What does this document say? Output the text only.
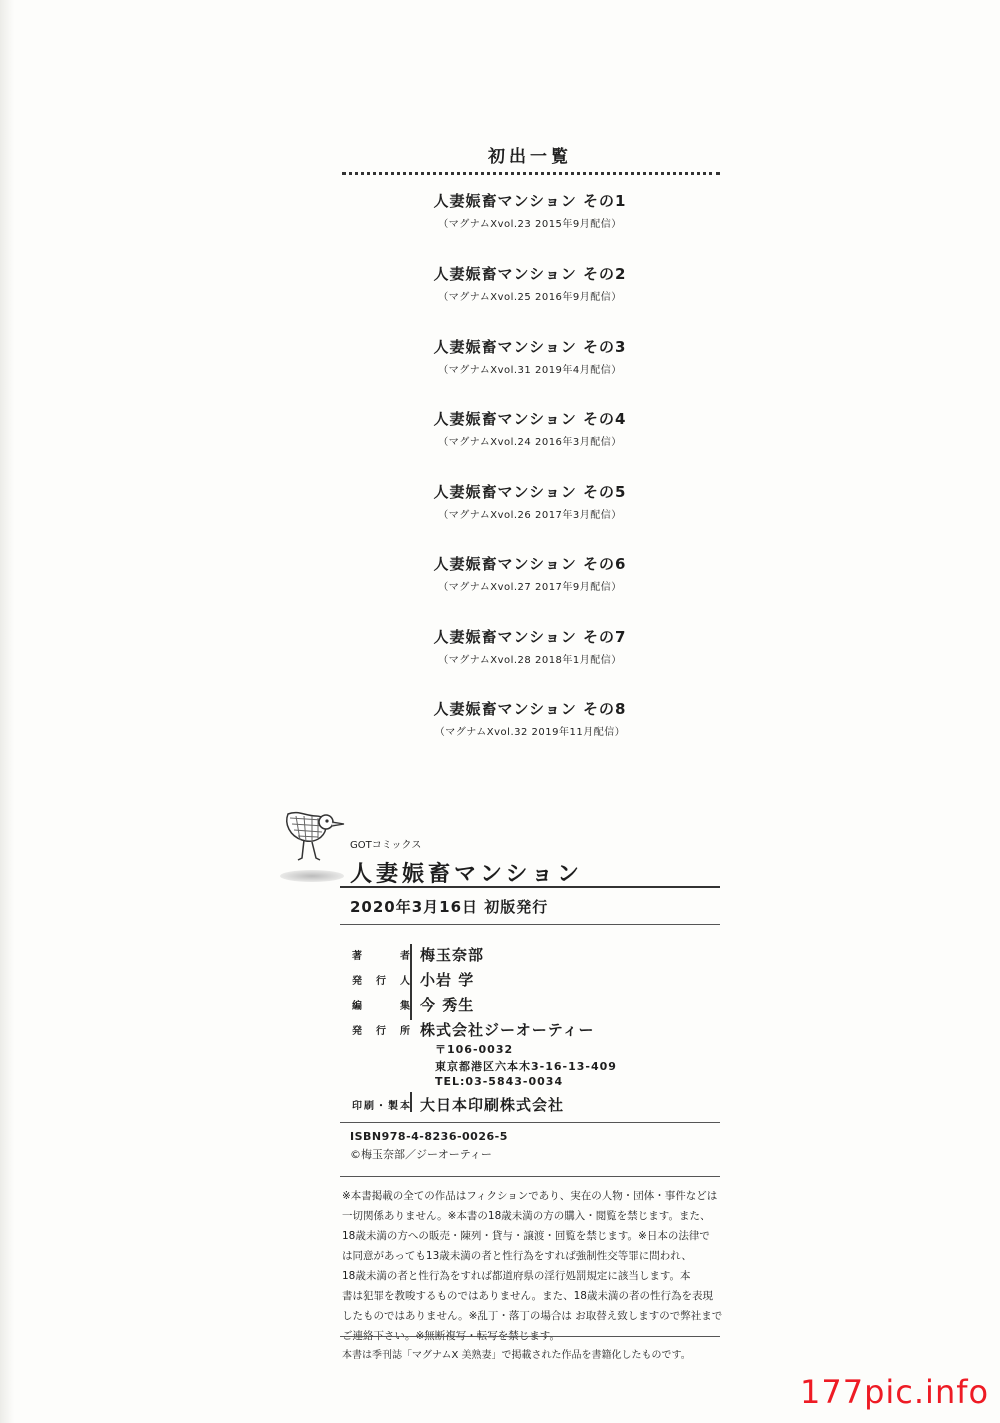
初出一覧
人妻娠畜マンション その1
（マグナムXvol.23 2015年9月配信）
人妻娠畜マンション その2
（マグナムXvol.25 2016年9月配信）
人妻娠畜マンション その3
（マグナムXvol.31 2019年4月配信）
人妻娠畜マンション その4
（マグナムXvol.24 2016年3月配信）
人妻娠畜マンション その5
（マグナムXvol.26 2017年3月配信）
人妻娠畜マンション その6
（マグナムXvol.27 2017年9月配信）
人妻娠畜マンション その7
（マグナムXvol.28 2018年1月配信）
人妻娠畜マンション その8
（マグナムXvol.32 2019年11月配信）
GOTコミックス
人妻娠畜マンション
2020年3月16日 初版発行
著者 梅玉奈部
発行人 小岩 学
編集 今 秀生
発行所 株式会社ジーオーティー
〒106-0032
東京都港区六本木3-16-13-409
TEL:03-5843-0034
印刷・製本 大日本印刷株式会社
ISBN978-4-8236-0026-5
©梅玉奈部／ジーオーティー
※本書掲載の全ての作品はフィクションであり、実在の人物・団体・事件などは
一切関係ありません。※本書の18歳未満の方の購入・閲覧を禁じます。また、
18歳未満の方への販売・陳列・貸与・譲渡・回覧を禁じます。※日本の法律で
は同意があっても13歳未満の者と性行為をすれば強制性交等罪に問われ、
18歳未満の者と性行為をすれば都道府県の淫行処罰規定に該当します。本
書は犯罪を教唆するものではありません。また、18歳未満の者の性行為を表現
したものではありません。※乱丁・落丁の場合は お取替え致しますので弊社まで
ご連絡下さい。※無断複写・転写を禁じます。
本書は季刊誌「マグナムX 美熟妻」で掲載された作品を書籍化したものです。
177pic.info
